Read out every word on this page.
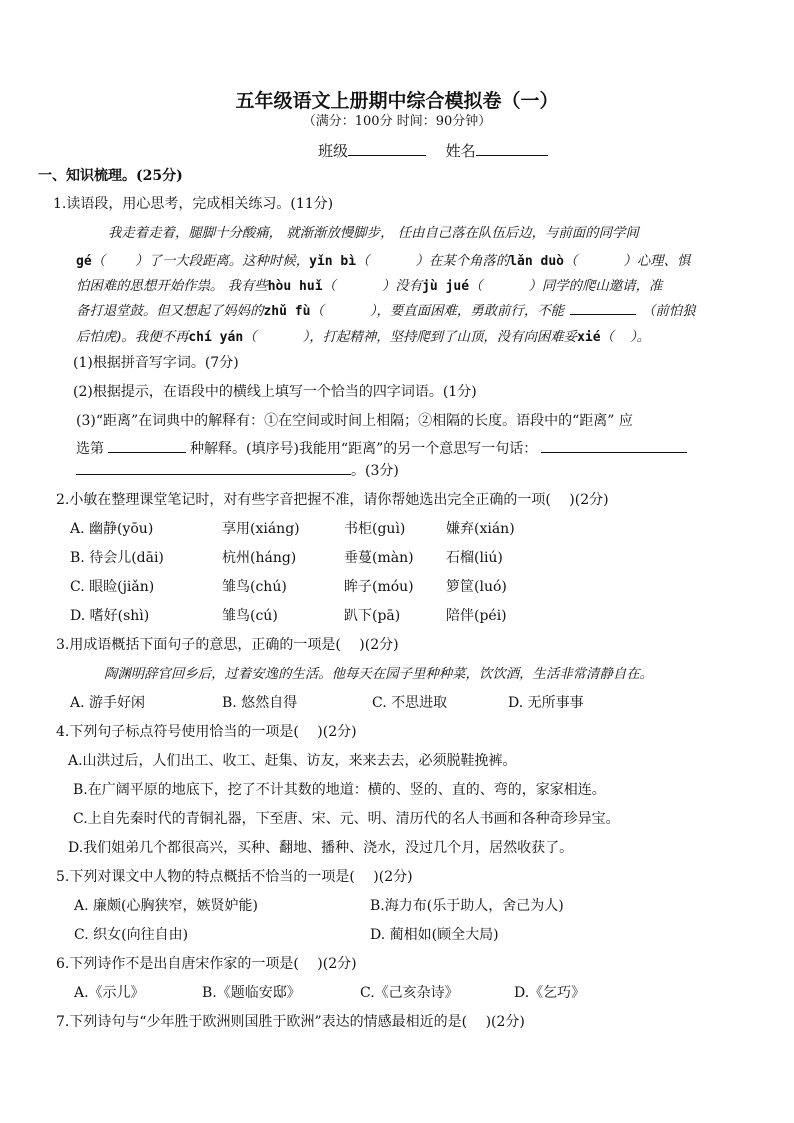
五年级语文上册期中综合模拟卷（一）
（满分：100分 时间：90分钟）
班级	姓名
一、知识梳理。(25分)
1.读语段，用心思考，完成相关练习。(11分)
我走着走着，腿脚十分酸痛， 就渐渐放慢脚步， 任由自己落在队伍后边，与前面的同学间
gé（ ）了一大段距离。这种时候，yǐn bì（	）在某个角落的lǎn duò（	）心理、惧
怕困难的思想开始作祟。 我有些hòu huǐ（	）没有jù jué（	）同学的爬山邀请，准
备打退堂鼓。但又想起了妈妈的zhǔ fù（	），要直面困难，勇敢前行，不能	（前怕狼
后怕虎)。我便不再chí yán（	），打起精神，坚持爬到了山顶，没有向困难妥xié（ ）。
(1)根据拼音写字词。(7分)
(2)根据提示，在语段中的横线上填写一个恰当的四字词语。(1分)
(3)“距离”在词典中的解释有：①在空间或时间上相隔；②相隔的长度。语段中的“距离” 应
选第	种解释。(填序号)我能用“距离”的另一个意思写一句话：
。(3分)
2.小敏在整理课堂笔记时，对有些字音把握不准，请你帮她选出完全正确的一项(　 )(2分)
A. 幽静(yōu)	享用(xiáng)	书柜(guì)	嫌弃(xián)
B. 待会儿(dāi)	杭州(háng)	垂蔓(màn) 石榴(liú)
C. 眼睑(jiǎn)	雏鸟(chú)	眸子(móu) 箩筐(luó)
D. 嗜好(shì)	雏鸟(cú)	趴下(pā)	陪伴(péi)
3.用成语概括下面句子的意思，正确的一项是(　 )(2分)
陶渊明辞官回乡后，过着安逸的生活。他每天在园子里种种菜，饮饮酒，生活非常清静自在。
A. 游手好闲	B. 悠然自得	C. 不思进取	D. 无所事事
4.下列句子标点符号使用恰当的一项是(　 )(2分)
A.山洪过后，人们出工、收工、赶集、访友，来来去去，必须脱鞋挽裤。
B.在广阔平原的地底下，挖了不计其数的地道：横的、竖的、直的、弯的，家家相连。
C.上自先秦时代的青铜礼器，下至唐、宋、元、明、清历代的名人书画和各种奇珍异宝。
D.我们姐弟几个都很高兴，买种、翻地、播种、浇水，没过几个月，居然收获了。
5.下列对课文中人物的特点概括不恰当的一项是(　 )(2分)
A. 廉颇(心胸狭窄，嫉贤妒能)	B.海力布(乐于助人，舍己为人)
C. 织女(向往自由)	D. 蔺相如(顾全大局)
6.下列诗作不是出自唐宋作家的一项是(　 )(2分)
A.《示儿》	B.《题临安邸》	C.《己亥杂诗》	D.《乞巧》
7.下列诗句与“少年胜于欧洲则国胜于欧洲”表达的情感最相近的是(　 )(2分)
